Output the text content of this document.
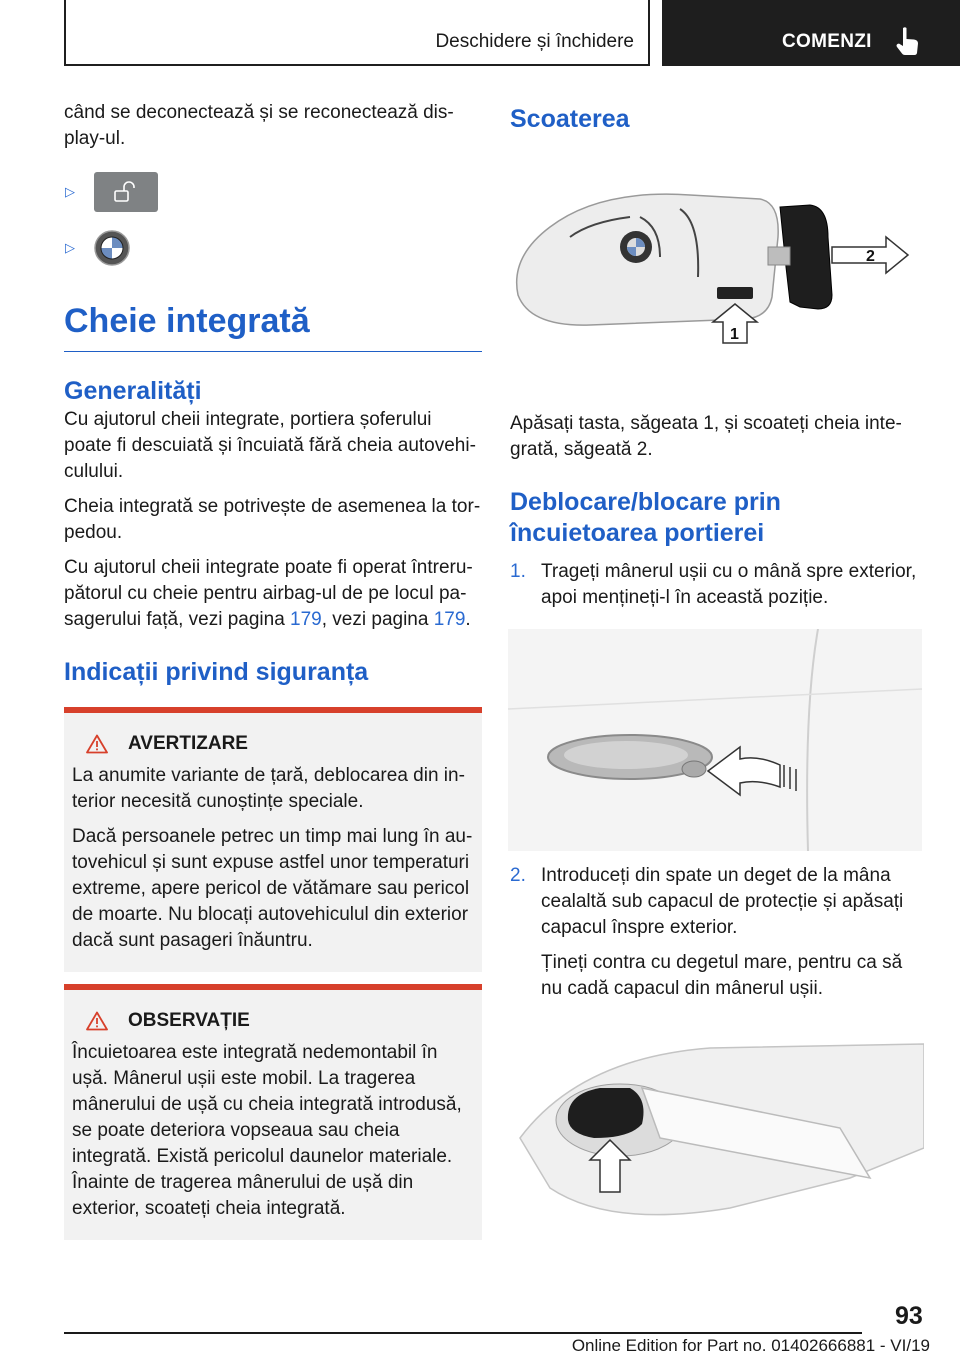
Deschidere și închidere	COMENZI

când se deconectează și se reconectează display-ul.

▷
▷
Cheie integrată
Generalități

Cu ajutorul cheii integrate, portiera șoferului poate fi descuiată și încuiată fără cheia autovehiculului.

Cheia integrată se potrivește de asemenea la torpedou.

Cu ajutorul cheii integrate poate fi operat întrerupătorul cu cheie pentru airbag-ul de pe locul pasagerului față, vezi pagina 179, vezi pagina 179.

Indicații privind siguranța
AVERTIZARE

La anumite variante de țară, deblocarea din interior necesită cunoștințe speciale.

Dacă persoanele petrec un timp mai lung în autovehicul și sunt expuse astfel unor temperaturi extreme, apere pericol de vătămare sau pericol de moarte. Nu blocați autovehiculul din exterior dacă sunt pasageri înăuntru.

OBSERVAȚIE

Încuietoarea este integrată nedemontabil în ușă. Mânerul ușii este mobil. La tragerea mânerului de ușă cu cheia integrată introdusă, se poate deteriora vopseaua sau cheia integrată. Există pericolul daunelor materiale. Înainte de tragerea mânerului de ușă din exterior, scoateți cheia integrată.

Scoaterea
2
1

Apăsați tasta, săgeata 1, și scoateți cheia integrată, săgeată 2.

Deblocare/blocare prin încuietoarea portierei
1. Trageți mânerul ușii cu o mână spre exterior, apoi mențineți-l în această poziție.
2. Introduceți din spate un deget de la mâna cealaltă sub capacul de protecție și apăsați capacul înspre exterior.

Țineți contra cu degetul mare, pentru ca să nu cadă capacul din mânerul ușii.

93
Online Edition for Part no. 01402666881 - VI/19
